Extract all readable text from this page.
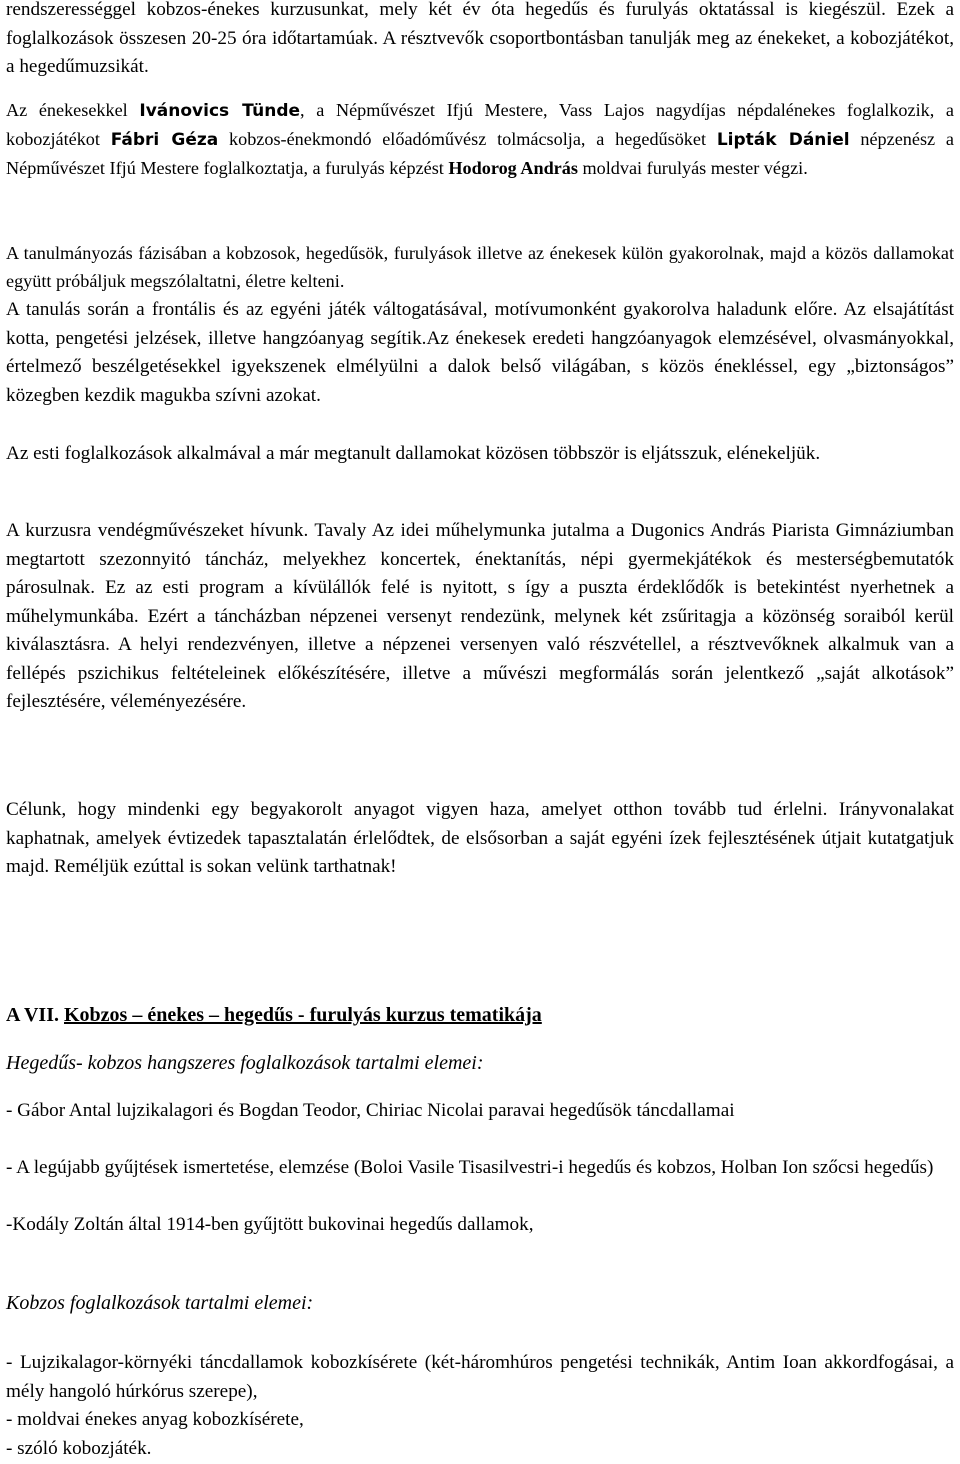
rendszerességgel kobzos-énekes kurzusunkat, mely két év óta hegedűs és furulyás oktatással is kiegészül. Ezek a foglalkozások összesen 20-25 óra időtartamúak. A résztvevők csoportbontásban tanulják meg az énekeket, a kobozjátékot, a hegedűmuzsikát.

Az énekesekkel Ivánovics Tünde, a Népművészet Ifjú Mestere, Vass Lajos nagydíjas népdalénekes foglalkozik, a kobozjátékot Fábri Géza kobzos-énekmondó előadóművész tolmácsolja, a hegedűsöket Lipták Dániel népzenész a Népművészet Ifjú Mestere foglalkoztatja, a furulyás képzést Hodorog András moldvai furulyás mester végzi.

A tanulmányozás fázisában a kobzosok, hegedűsök, furulyások illetve az énekesek külön gyakorolnak, majd a közös dallamokat együtt próbáljuk megszólaltatni, életre kelteni.

A tanulás során a frontális és az egyéni játék váltogatásával, motívumonként gyakorolva haladunk előre. Az elsajátítást kotta, pengetési jelzések, illetve hangzóanyag segítik.Az énekesek eredeti hangzóanyagok elemzésével, olvasmányokkal, értelmező beszélgetésekkel igyekszenek elmélyülni a dalok belső világában, s közös énekléssel, egy „biztonságos” közegben kezdik magukba szívni azokat.

Az esti foglalkozások alkalmával a már megtanult dallamokat közösen többször is eljátsszuk, elénekeljük.

A kurzusra vendégművészeket hívunk. Tavaly Az idei műhelymunka jutalma a Dugonics András Piarista Gimnáziumban megtartott szezonnyitó táncház, melyekhez koncertek, énektanítás, népi gyermekjátékok és mesterségbemutatók párosulnak. Ez az esti program a kívülállók felé is nyitott, s így a puszta érdeklődők is betekintést nyerhetnek a műhelymunkába. Ezért a táncházban népzenei versenyt rendezünk, melynek két zsűritagja a közönség soraiból kerül kiválasztásra. A helyi rendezvényen, illetve a népzenei versenyen való részvétellel, a résztvevőknek alkalmuk van a fellépés pszichikus feltételeinek előkészítésére, illetve a művészi megformálás során jelentkező „saját alkotások” fejlesztésére, véleményezésére.

Célunk, hogy mindenki egy begyakorolt anyagot vigyen haza, amelyet otthon tovább tud érlelni. Irányvonalakat kaphatnak, amelyek évtizedek tapasztalatán érlelődtek, de elsősorban a saját egyéni ízek fejlesztésének útjait kutatgatjuk majd. Reméljük ezúttal is sokan velünk tarthatnak!

A VII. Kobzos – énekes – hegedűs - furulyás kurzus tematikája

Hegedűs- kobzos hangszeres foglalkozások tartalmi elemei:

- Gábor Antal lujzikalagori és Bogdan Teodor, Chiriac Nicolai paravai hegedűsök táncdallamai

- A legújabb gyűjtések ismertetése, elemzése (Boloi Vasile Tisasilvestri-i hegedűs és kobzos, Holban Ion szőcsi hegedűs)

-Kodály Zoltán által 1914-ben gyűjtött bukovinai hegedűs dallamok,

Kobzos foglalkozások tartalmi elemei:

- Lujzikalagor-környéki táncdallamok kobozkísérete (két-háromhúros pengetési technikák, Antim Ioan akkordfogásai, a mély hangoló húrkórus szerepe),

- moldvai énekes anyag kobozkísérete,

- szóló kobozjáték.
